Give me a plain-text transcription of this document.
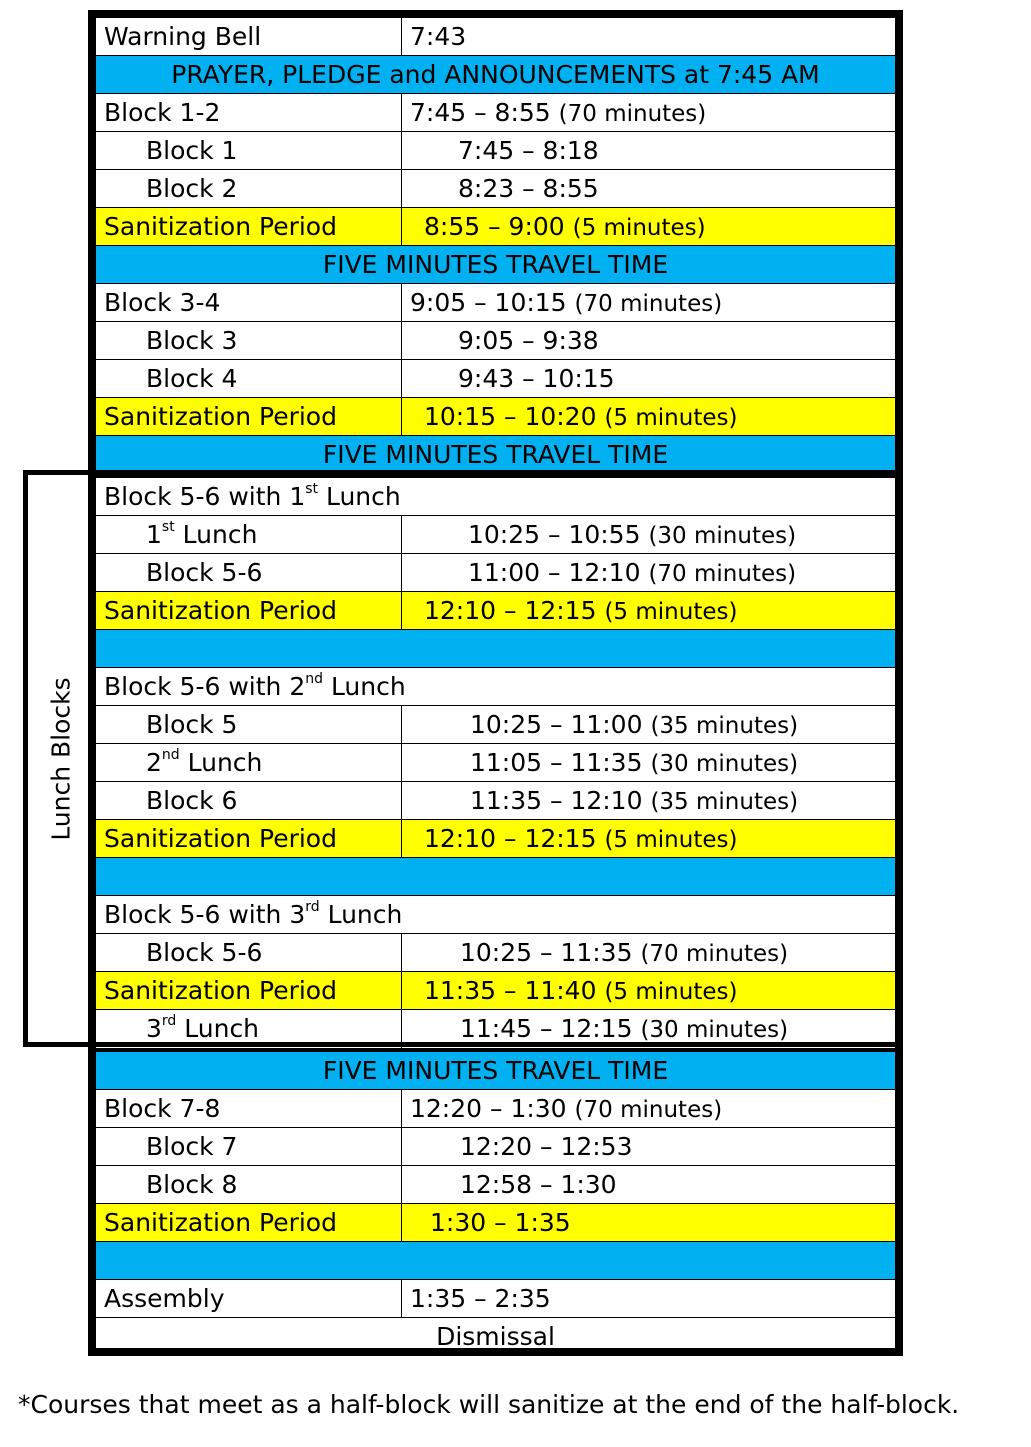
Warning Bell	7:43
PRAYER, PLEDGE and ANNOUNCEMENTS at 7:45 AM
Block 1-2	7:45 – 8:55 (70 minutes)
Block 1	7:45 – 8:18
Block 2	8:23 – 8:55
Sanitization Period	8:55 – 9:00 (5 minutes)
FIVE MINUTES TRAVEL TIME
Block 3-4	9:05 – 10:15 (70 minutes)
Block 3	9:05 – 9:38
Block 4	9:43 – 10:15
Sanitization Period	10:15 – 10:20 (5 minutes)
FIVE MINUTES TRAVEL TIME
Block 5-6 with 1st Lunch
1st Lunch	10:25 – 10:55 (30 minutes)
Block 5-6	11:00 – 12:10 (70 minutes)
Sanitization Period	12:10 – 12:15 (5 minutes)
Block 5-6 with 2nd Lunch
Block 5	10:25 – 11:00 (35 minutes)
2nd Lunch	11:05 – 11:35 (30 minutes)
Block 6	11:35 – 12:10 (35 minutes)
Sanitization Period	12:10 – 12:15 (5 minutes)
Block 5-6 with 3rd Lunch
Block 5-6	10:25 – 11:35 (70 minutes)
Sanitization Period	11:35 – 11:40 (5 minutes)
3rd Lunch	11:45 – 12:15 (30 minutes)
FIVE MINUTES TRAVEL TIME
Block 7-8	12:20 – 1:30 (70 minutes)
Block 7	12:20 – 12:53
Block 8	12:58 – 1:30
Sanitization Period	1:30 – 1:35
Assembly	1:35 – 2:35
Dismissal
Lunch Blocks
*Courses that meet as a half-block will sanitize at the end of the half-block.
